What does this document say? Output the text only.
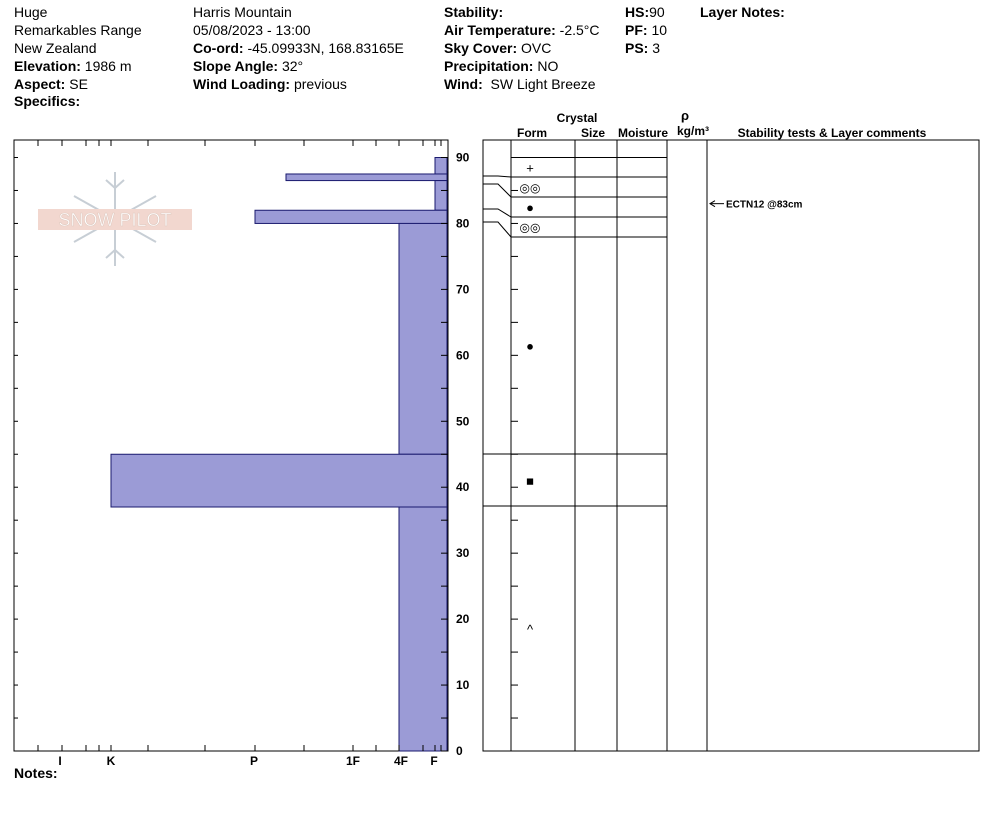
Huge
Remarkables Range
New Zealand
Elevation: 1986 m
Aspect: SE
Harris Mountain
05/08/2023 - 13:00
Co-ord: -45.09933N, 168.83165E
Slope Angle: 32°
Wind Loading: previous
Stability:
Air Temperature: -2.5°C
Sky Cover: OVC
Precipitation: NO
Wind: SW Light Breeze
HS:90
PF: 10
PS: 3
Layer Notes:
Specifics:
Notes:
SNOW PILOT
0
10
20
30
40
50
60
70
80
90
I	K	P	1F	4F F
+
◎◎
●
◎◎
●
■
^
ECTN12 @83cm
Crystal
Form	Size Moisture
ρ
kg/m³ Stability tests & Layer comments
